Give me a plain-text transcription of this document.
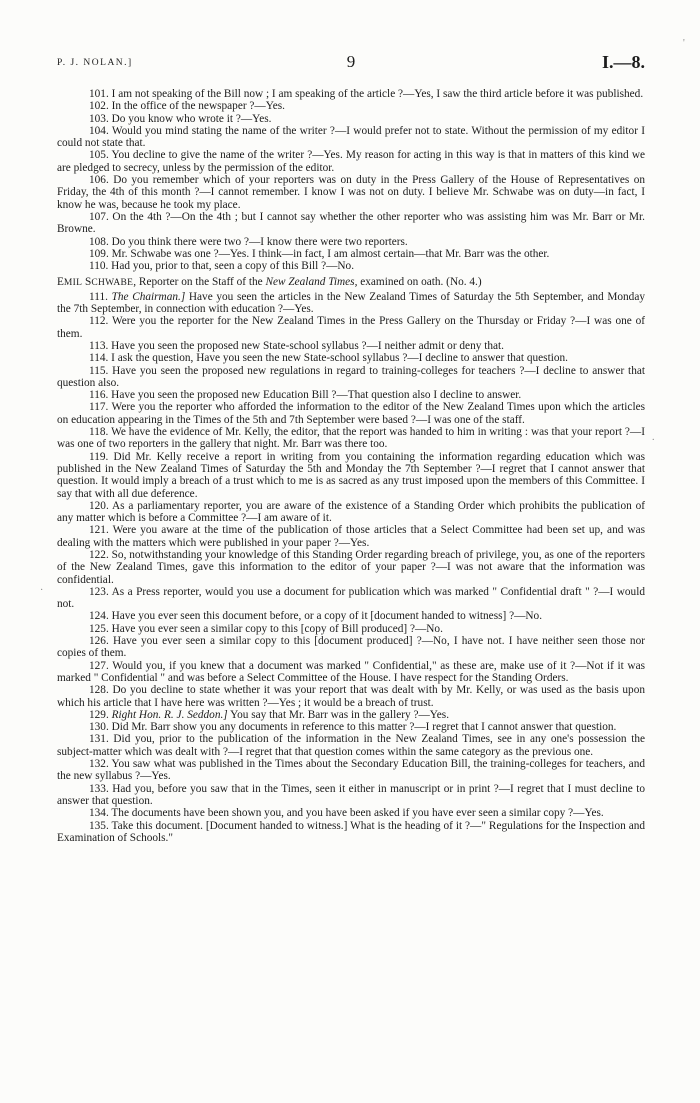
'
·
.
P. J. NOLAN.]	9	I.—8.

101. I am not speaking of the Bill now ; I am speaking of the article ?—Yes, I saw the third article before it was published.

102. In the office of the newspaper ?—Yes.

103. Do you know who wrote it ?—Yes.

104. Would you mind stating the name of the writer ?—I would prefer not to state. Without the permission of my editor I could not state that.

105. You decline to give the name of the writer ?—Yes. My reason for acting in this way is that in matters of this kind we are pledged to secrecy, unless by the permission of the editor.

106. Do you remember which of your reporters was on duty in the Press Gallery of the House of Representatives on Friday, the 4th of this month ?—I cannot remember. I know I was not on duty. I believe Mr. Schwabe was on duty—in fact, I know he was, because he took my place.

107. On the 4th ?—On the 4th ; but I cannot say whether the other reporter who was assisting him was Mr. Barr or Mr. Browne.

108. Do you think there were two ?—I know there were two reporters.

109. Mr. Schwabe was one ?—Yes. I think—in fact, I am almost certain—that Mr. Barr was the other.

110. Had you, prior to that, seen a copy of this Bill ?—No.

EMIL SCHWABE, Reporter on the Staff of the New Zealand Times, examined on oath. (No. 4.)

111. The Chairman.] Have you seen the articles in the New Zealand Times of Saturday the 5th September, and Monday the 7th September, in connection with education ?—Yes.

112. Were you the reporter for the New Zealand Times in the Press Gallery on the Thursday or Friday ?—I was one of them.

113. Have you seen the proposed new State-school syllabus ?—I neither admit or deny that.

114. I ask the question, Have you seen the new State-school syllabus ?—I decline to answer that question.

115. Have you seen the proposed new regulations in regard to training-colleges for teachers ?—I decline to answer that question also.

116. Have you seen the proposed new Education Bill ?—That question also I decline to answer.

117. Were you the reporter who afforded the information to the editor of the New Zealand Times upon which the articles on education appearing in the Times of the 5th and 7th September were based ?—I was one of the staff.

118. We have the evidence of Mr. Kelly, the editor, that the report was handed to him in writing : was that your report ?—I was one of two reporters in the gallery that night. Mr. Barr was there too.

119. Did Mr. Kelly receive a report in writing from you containing the information regarding education which was published in the New Zealand Times of Saturday the 5th and Monday the 7th September ?—I regret that I cannot answer that question. It would imply a breach of a trust which to me is as sacred as any trust imposed upon the members of this Committee. I say that with all due deference.

120. As a parliamentary reporter, you are aware of the existence of a Standing Order which prohibits the publication of any matter which is before a Committee ?—I am aware of it.

121. Were you aware at the time of the publication of those articles that a Select Committee had been set up, and was dealing with the matters which were published in your paper ?—Yes.

122. So, notwithstanding your knowledge of this Standing Order regarding breach of privilege, you, as one of the reporters of the New Zealand Times, gave this information to the editor of your paper ?—I was not aware that the information was confidential.

123. As a Press reporter, would you use a document for publication which was marked " Confidential draft " ?—I would not.

124. Have you ever seen this document before, or a copy of it [document handed to witness] ?—No.

125. Have you ever seen a similar copy to this [copy of Bill produced] ?—No.

126. Have you ever seen a similar copy to this [document produced] ?—No, I have not. I have neither seen those nor copies of them.

127. Would you, if you knew that a document was marked " Confidential," as these are, make use of it ?—Not if it was marked " Confidential " and was before a Select Committee of the House. I have respect for the Standing Orders.

128. Do you decline to state whether it was your report that was dealt with by Mr. Kelly, or was used as the basis upon which his article that I have here was written ?—Yes ; it would be a breach of trust.

129. Right Hon. R. J. Seddon.] You say that Mr. Barr was in the gallery ?—Yes.

130. Did Mr. Barr show you any documents in reference to this matter ?—I regret that I cannot answer that question.

131. Did you, prior to the publication of the information in the New Zealand Times, see in any one's possession the subject-matter which was dealt with ?—I regret that that question comes within the same category as the previous one.

132. You saw what was published in the Times about the Secondary Education Bill, the training-colleges for teachers, and the new syllabus ?—Yes.

133. Had you, before you saw that in the Times, seen it either in manuscript or in print ?—I regret that I must decline to answer that question.

134. The documents have been shown you, and you have been asked if you have ever seen a similar copy ?—Yes.

135. Take this document. [Document handed to witness.] What is the heading of it ?—" Regulations for the Inspection and Examination of Schools."
